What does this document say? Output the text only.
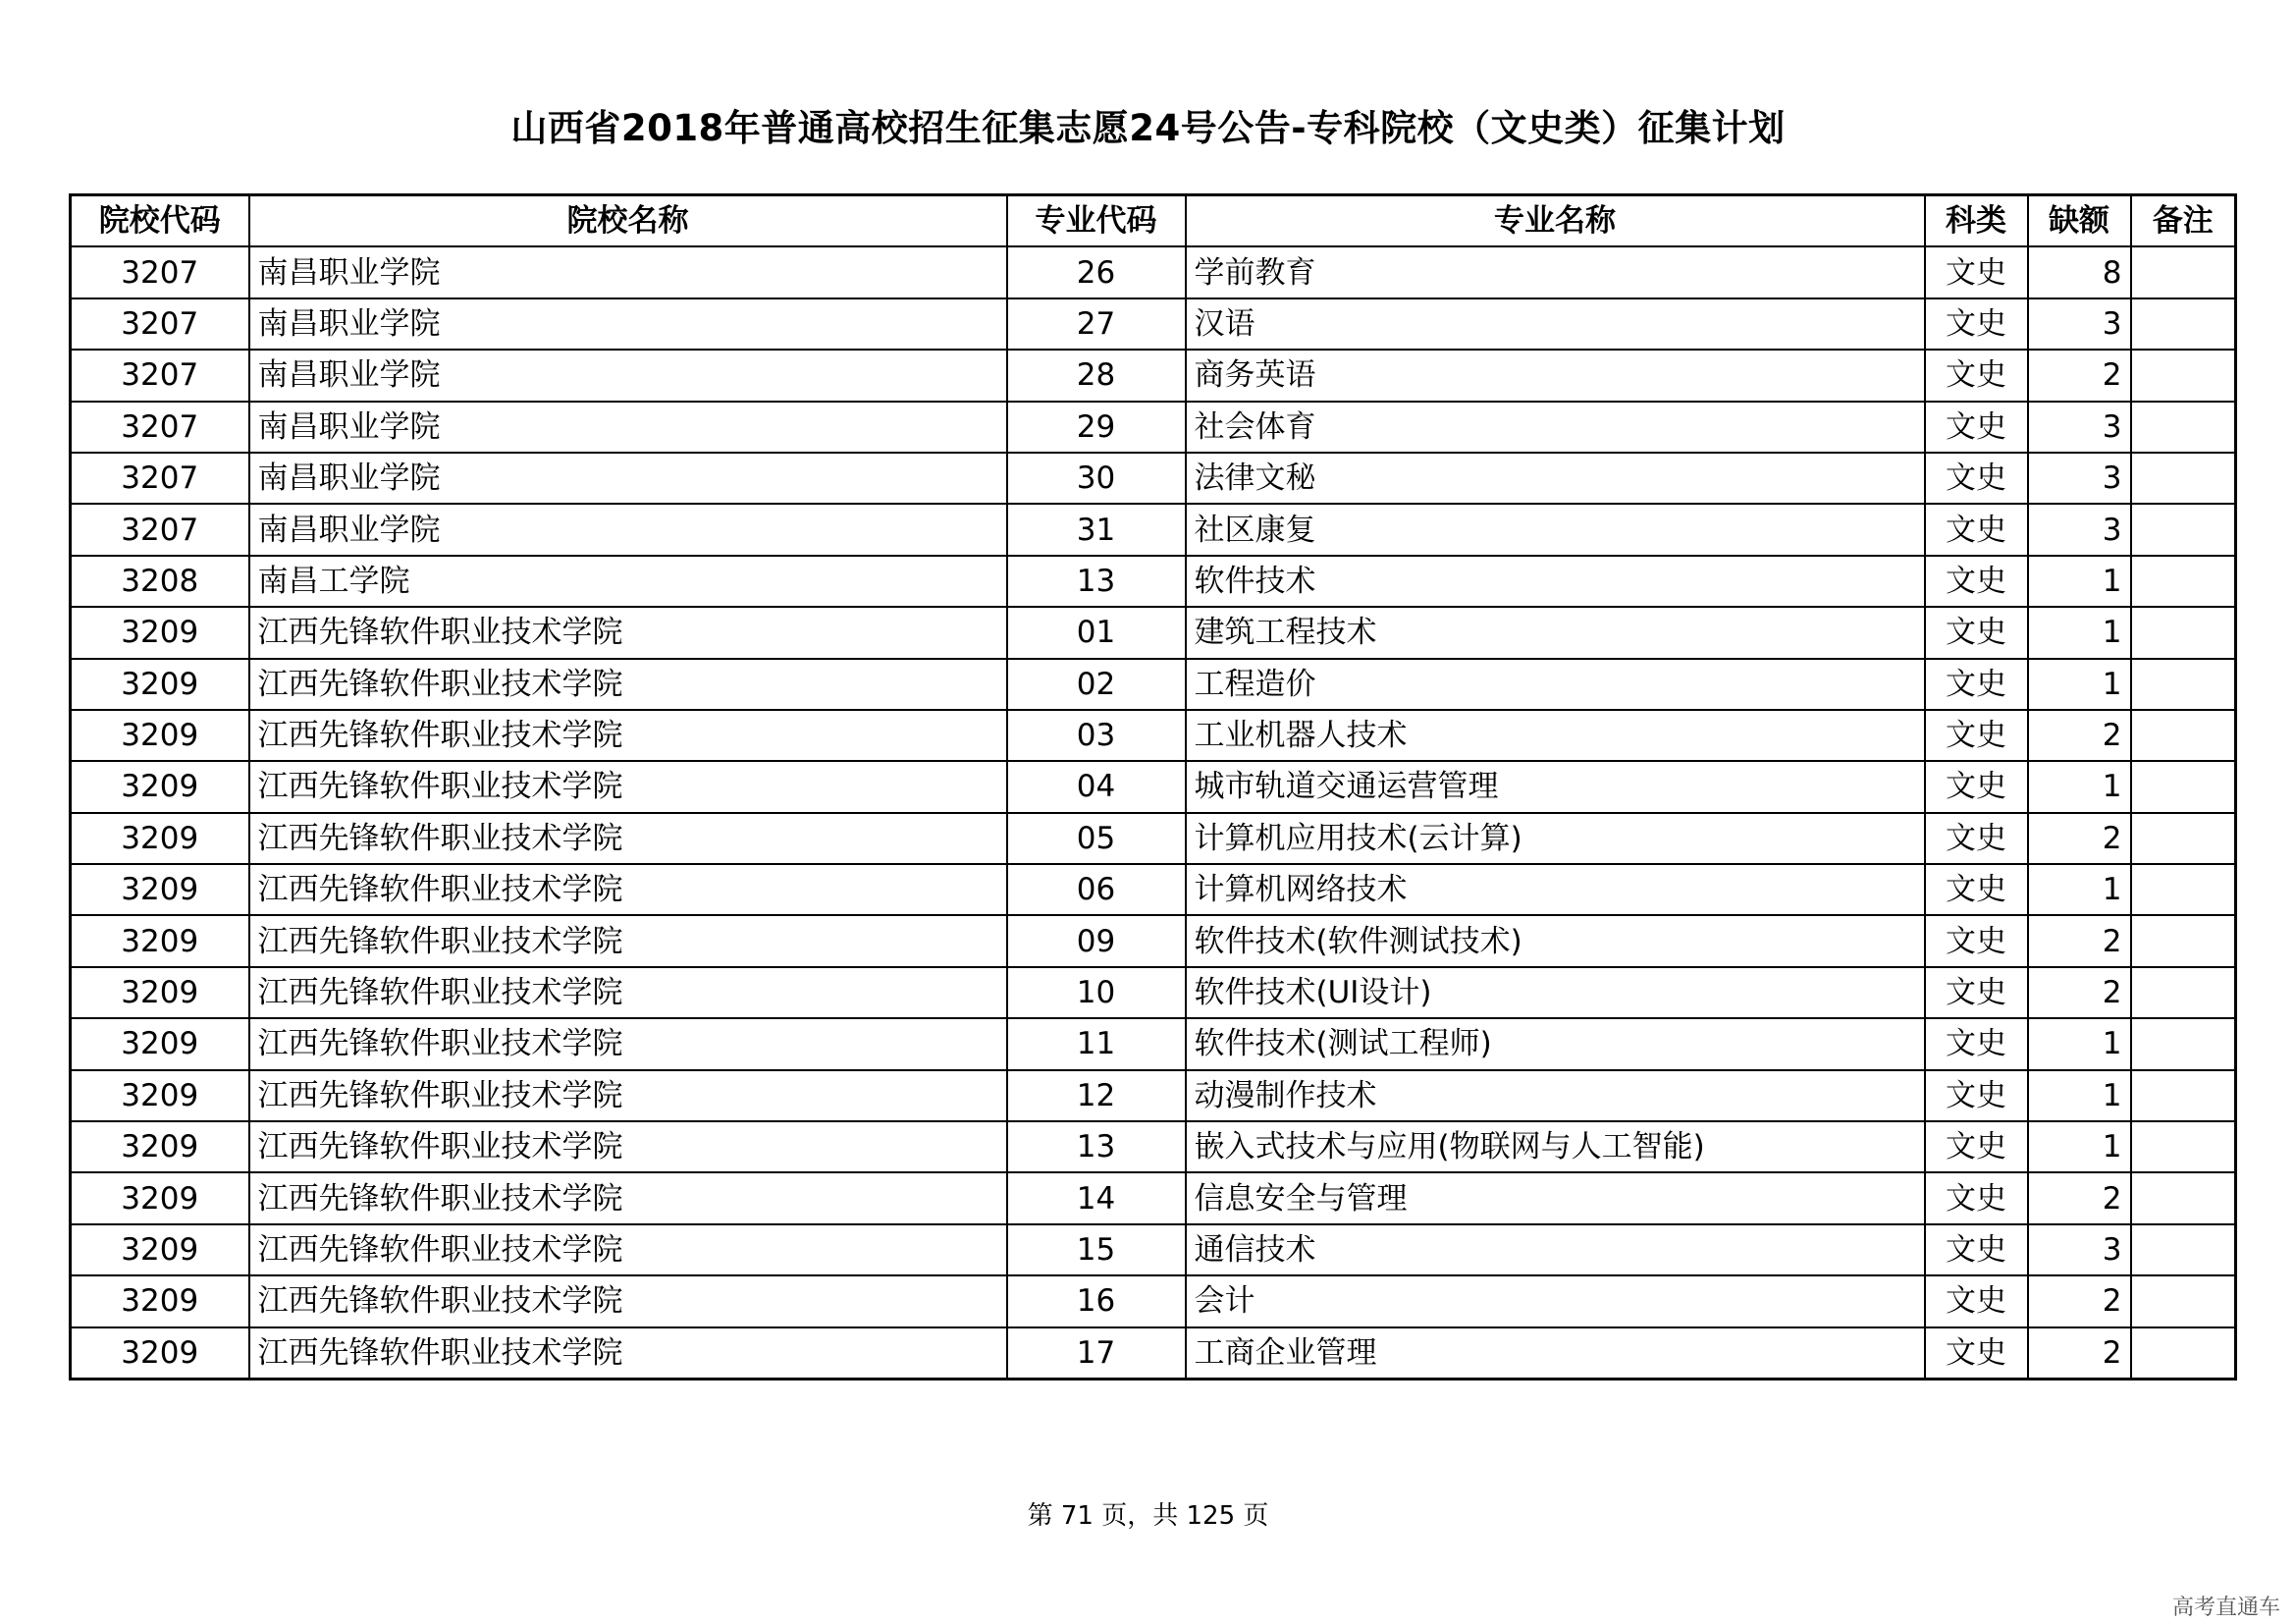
山西省2018年普通高校招生征集志愿24号公告-专科院校（文史类）征集计划
院校代码	院校名称	专业代码	专业名称	科类	缺额	备注
3207	南昌职业学院	26	学前教育	文史	8	
3207	南昌职业学院	27	汉语	文史	3	
3207	南昌职业学院	28	商务英语	文史	2	
3207	南昌职业学院	29	社会体育	文史	3	
3207	南昌职业学院	30	法律文秘	文史	3	
3207	南昌职业学院	31	社区康复	文史	3	
3208	南昌工学院	13	软件技术	文史	1	
3209	江西先锋软件职业技术学院	01	建筑工程技术	文史	1	
3209	江西先锋软件职业技术学院	02	工程造价	文史	1	
3209	江西先锋软件职业技术学院	03	工业机器人技术	文史	2	
3209	江西先锋软件职业技术学院	04	城市轨道交通运营管理	文史	1	
3209	江西先锋软件职业技术学院	05	计算机应用技术(云计算)	文史	2	
3209	江西先锋软件职业技术学院	06	计算机网络技术	文史	1	
3209	江西先锋软件职业技术学院	09	软件技术(软件测试技术)	文史	2	
3209	江西先锋软件职业技术学院	10	软件技术(UI设计)	文史	2	
3209	江西先锋软件职业技术学院	11	软件技术(测试工程师)	文史	1	
3209	江西先锋软件职业技术学院	12	动漫制作技术	文史	1	
3209	江西先锋软件职业技术学院	13	嵌入式技术与应用(物联网与人工智能)	文史	1	
3209	江西先锋软件职业技术学院	14	信息安全与管理	文史	2	
3209	江西先锋软件职业技术学院	15	通信技术	文史	3	
3209	江西先锋软件职业技术学院	16	会计	文史	2	
3209	江西先锋软件职业技术学院	17	工商企业管理	文史	2	
第 71 页，共 125 页
高考直通车
